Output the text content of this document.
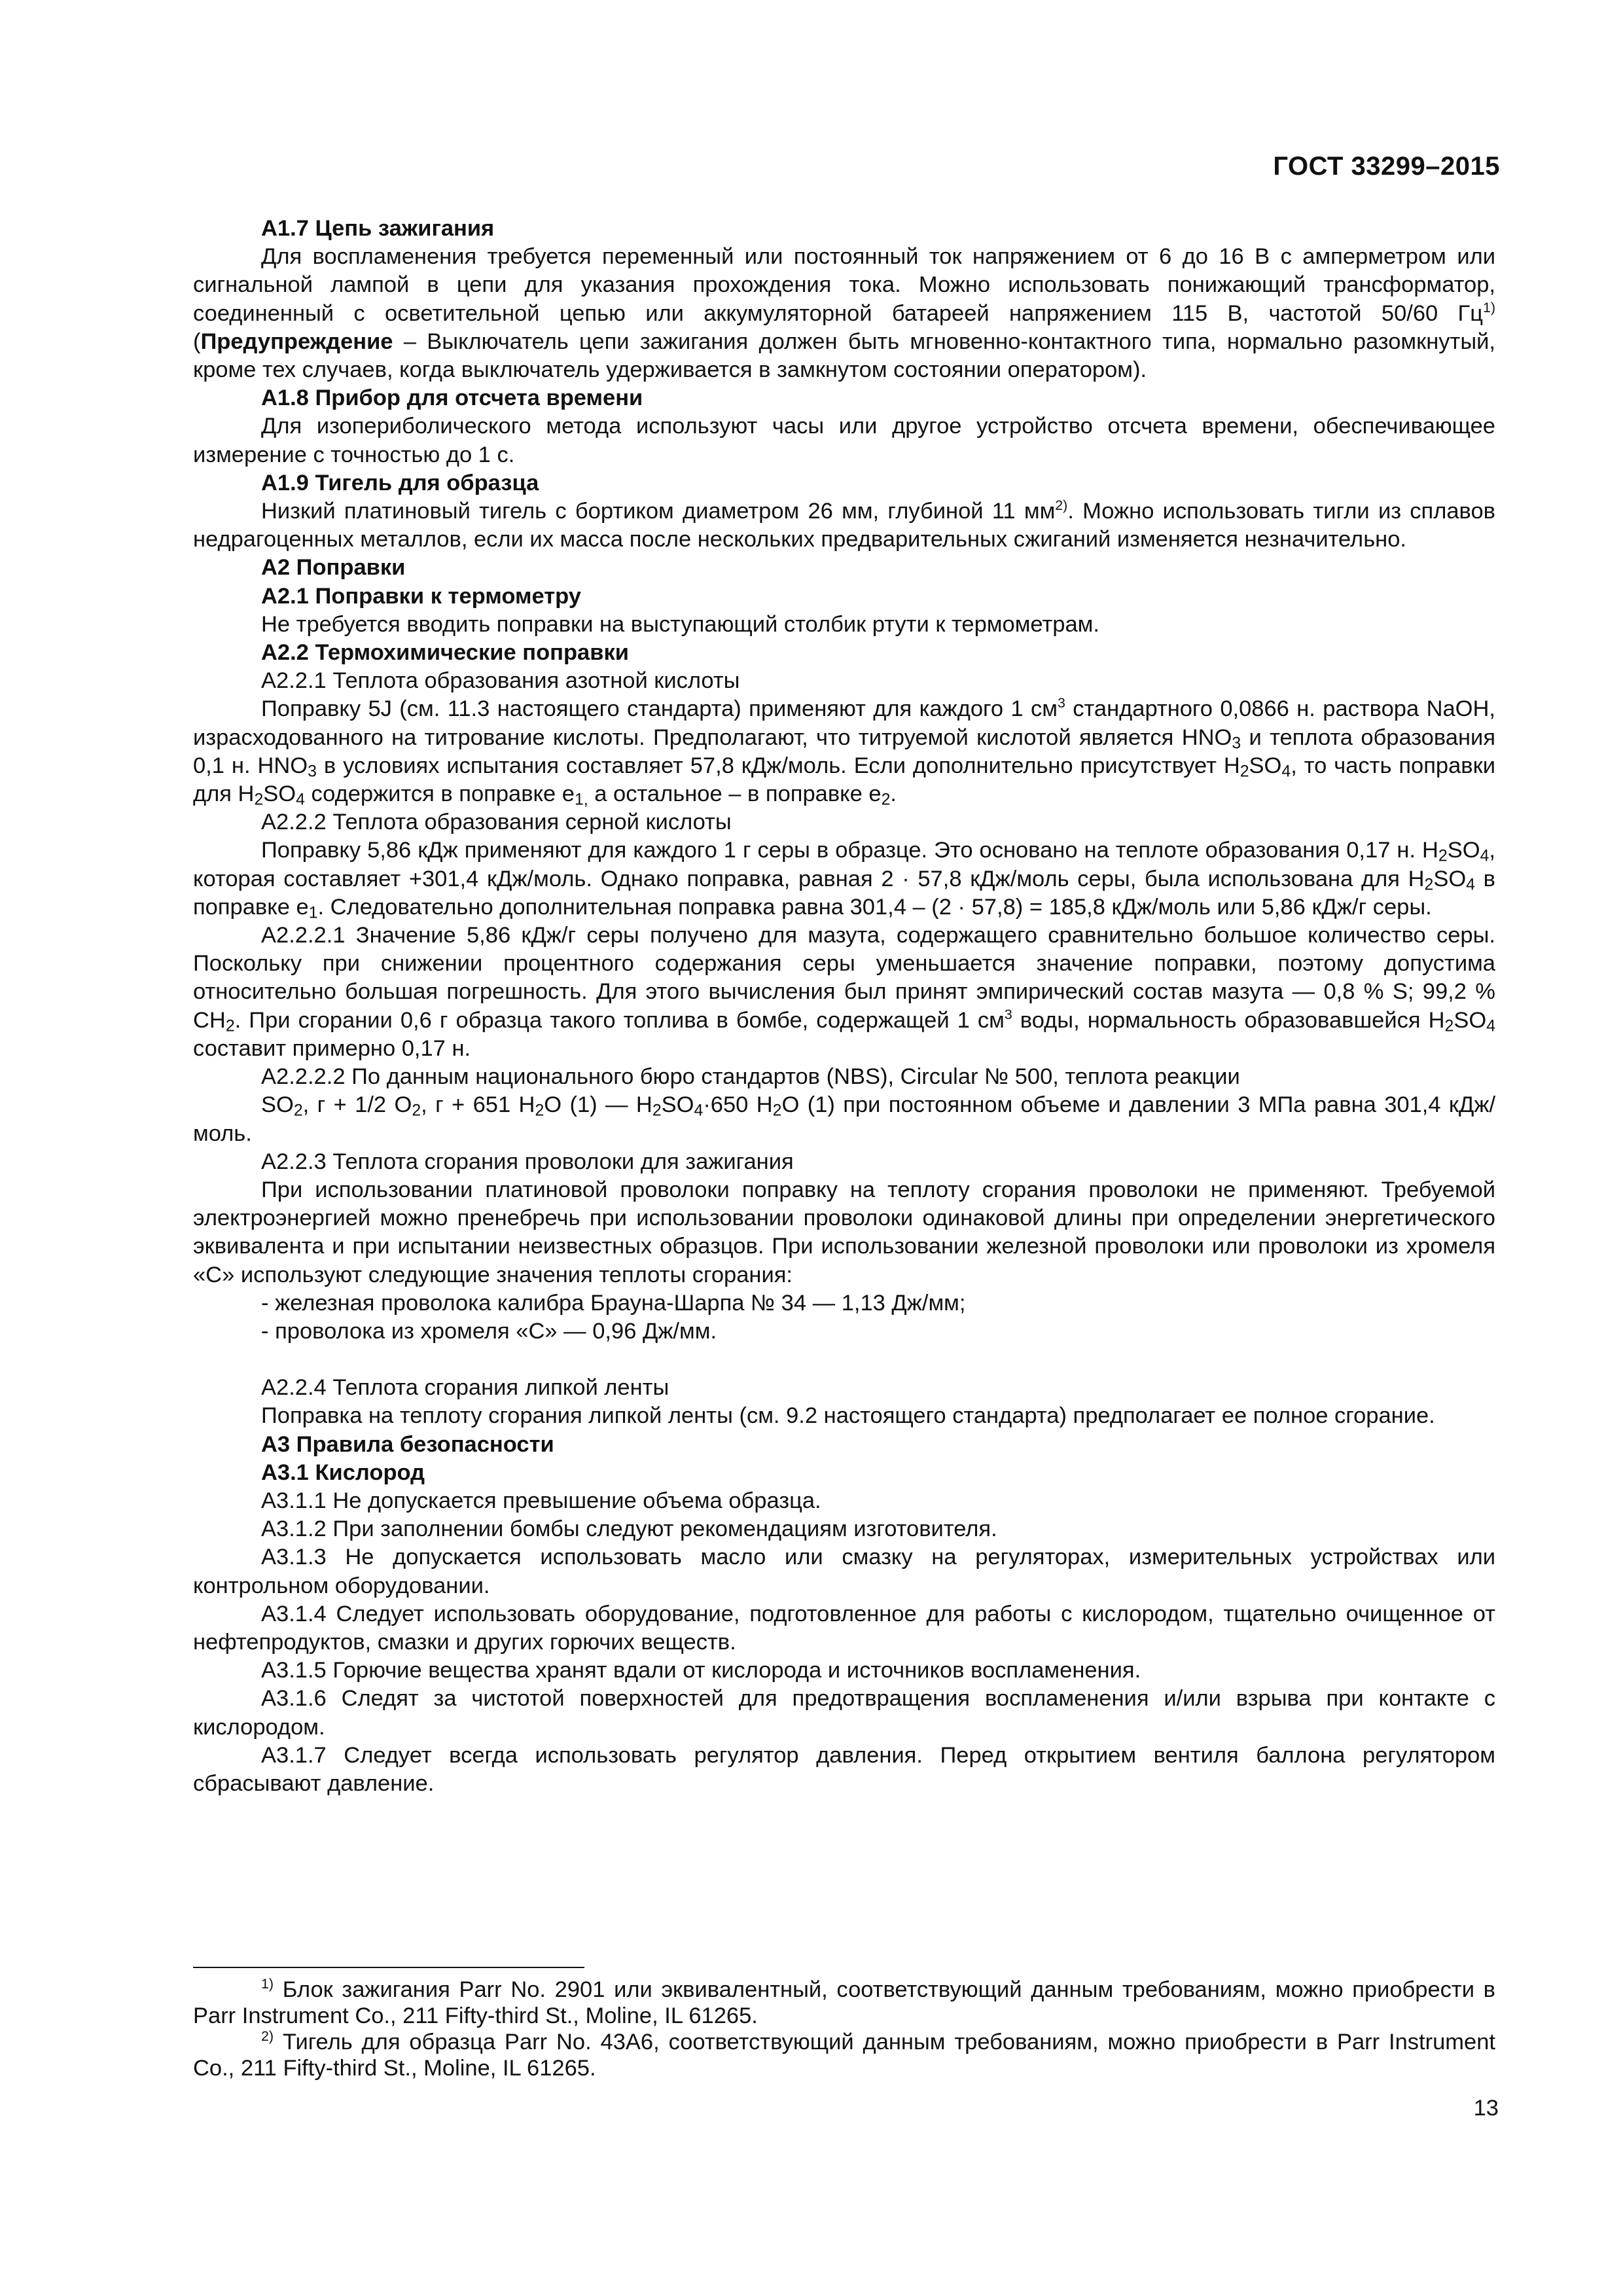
ГОСТ 33299–2015

А1.7 Цепь зажигания

Для воспламенения требуется переменный или постоянный ток напряжением от 6 до 16 В с амперметром или сигнальной лампой в цепи для указания прохождения тока. Можно использовать понижающий трансформатор, соединенный с осветительной цепью или аккумуляторной батареей напряжением 115 В, частотой 50/60 $Гц^{1)}$ (Предупреждение – Выключатель цепи зажигания должен быть мгновенно-контактного типа, нормально разомкнутый, кроме тех случаев, когда выключатель удерживается в замкнутом состоянии оператором).

А1.8 Прибор для отсчета времени

Для изопериболического метода используют часы или другое устройство отсчета времени, обеспечивающее измерение с точностью до 1 с.

А1.9 Тигель для образца

Низкий платиновый тигель с бортиком диаметром 26 мм, глубиной 11 $мм^{2)}$. Можно использовать тигли из сплавов недрагоценных металлов, если их масса после нескольких предварительных сжиганий изменяется незначительно.

А2 Поправки

А2.1 Поправки к термометру

Не требуется вводить поправки на выступающий столбик ртути к термометрам.

А2.2 Термохимические поправки

А2.2.1 Теплота образования азотной кислоты

Поправку 5J (см. 11.3 настоящего стандарта) применяют для каждого 1 $см^3$ стандартного 0,0866 н. раствора NaOH, израсходованного на титрование кислоты. Предполагают, что титруемой кислотой является $HNO_3$ и теплота образования 0,1 н. $HNO_3$ в условиях испытания составляет 57,8 кДж/моль. Если дополнительно присутствует $H_2SO_4$, то часть поправки для $H_2SO_4$ содержится в поправке $e_{1,}$ а остальное – в поправке $e_2$.

А2.2.2 Теплота образования серной кислоты

Поправку 5,86 кДж применяют для каждого 1 г серы в образце. Это основано на теплоте образования 0,17 н. $H_2SO_4$, которая составляет +301,4 кДж/моль. Однако поправка, равная 2 · 57,8 кДж/моль серы, была использована для $H_2SO_4$ в поправке $e_1$. Следовательно дополнительная поправка равна 301,4 – (2 · 57,8) = 185,8 кДж/моль или 5,86 кДж/г серы.

А2.2.2.1 Значение 5,86 кДж/г серы получено для мазута, содержащего сравнительно большое количество серы. Поскольку при снижении процентного содержания серы уменьшается значение поправки, поэтому допустима относительно большая погрешность. Для этого вычисления был принят эмпирический состав мазута — 0,8 % S; 99,2 % $CH_2$. При сгорании 0,6 г образца такого топлива в бомбе, содержащей 1 $см^3$ воды, нормальность образовавшейся $H_2SO_4$ составит примерно 0,17 н.

А2.2.2.2 По данным национального бюро стандартов (NBS), Circular № 500, теплота реакции

$SO_2$, г + 1/2 $O_2$, г + 651 $H_2O$ (1) — $H_2SO_4\cdot 650$ $H_2O$ (1) при постоянном объеме и давлении 3 МПа равна 301,4 кДж/моль.

А2.2.3 Теплота сгорания проволоки для зажигания

При использовании платиновой проволоки поправку на теплоту сгорания проволоки не применяют. Требуемой электроэнергией можно пренебречь при использовании проволоки одинаковой длины при определении энергетического эквивалента и при испытании неизвестных образцов. При использовании железной проволоки или проволоки из хромеля «С» используют следующие значения теплоты сгорания:

- железная проволока калибра Брауна-Шарпа № 34 — 1,13 Дж/мм;

- проволока из хромеля «С» — 0,96 Дж/мм.

А2.2.4 Теплота сгорания липкой ленты

Поправка на теплоту сгорания липкой ленты (см. 9.2 настоящего стандарта) предполагает ее полное сгорание.

А3 Правила безопасности

А3.1 Кислород

А3.1.1 Не допускается превышение объема образца.

А3.1.2 При заполнении бомбы следуют рекомендациям изготовителя.

А3.1.3 Не допускается использовать масло или смазку на регуляторах, измерительных устройствах или контрольном оборудовании.

А3.1.4 Следует использовать оборудование, подготовленное для работы с кислородом, тщательно очищенное от нефтепродуктов, смазки и других горючих веществ.

А3.1.5 Горючие вещества хранят вдали от кислорода и источников воспламенения.

А3.1.6 Следят за чистотой поверхностей для предотвращения воспламенения и/или взрыва при контакте с кислородом.

А3.1.7 Следует всегда использовать регулятор давления. Перед открытием вентиля баллона регулятором сбрасывают давление.

$^{1)}$ Блок зажигания Parr No. 2901 или эквивалентный, соответствующий данным требованиям, можно приобрести в Parr Instrument Co., 211 Fifty-third St., Moline, IL 61265.

$^{2)}$ Тигель для образца Parr No. 43A6, соответствующий данным требованиям, можно приобрести в Parr Instrument Co., 211 Fifty-third St., Moline, IL 61265.

13
